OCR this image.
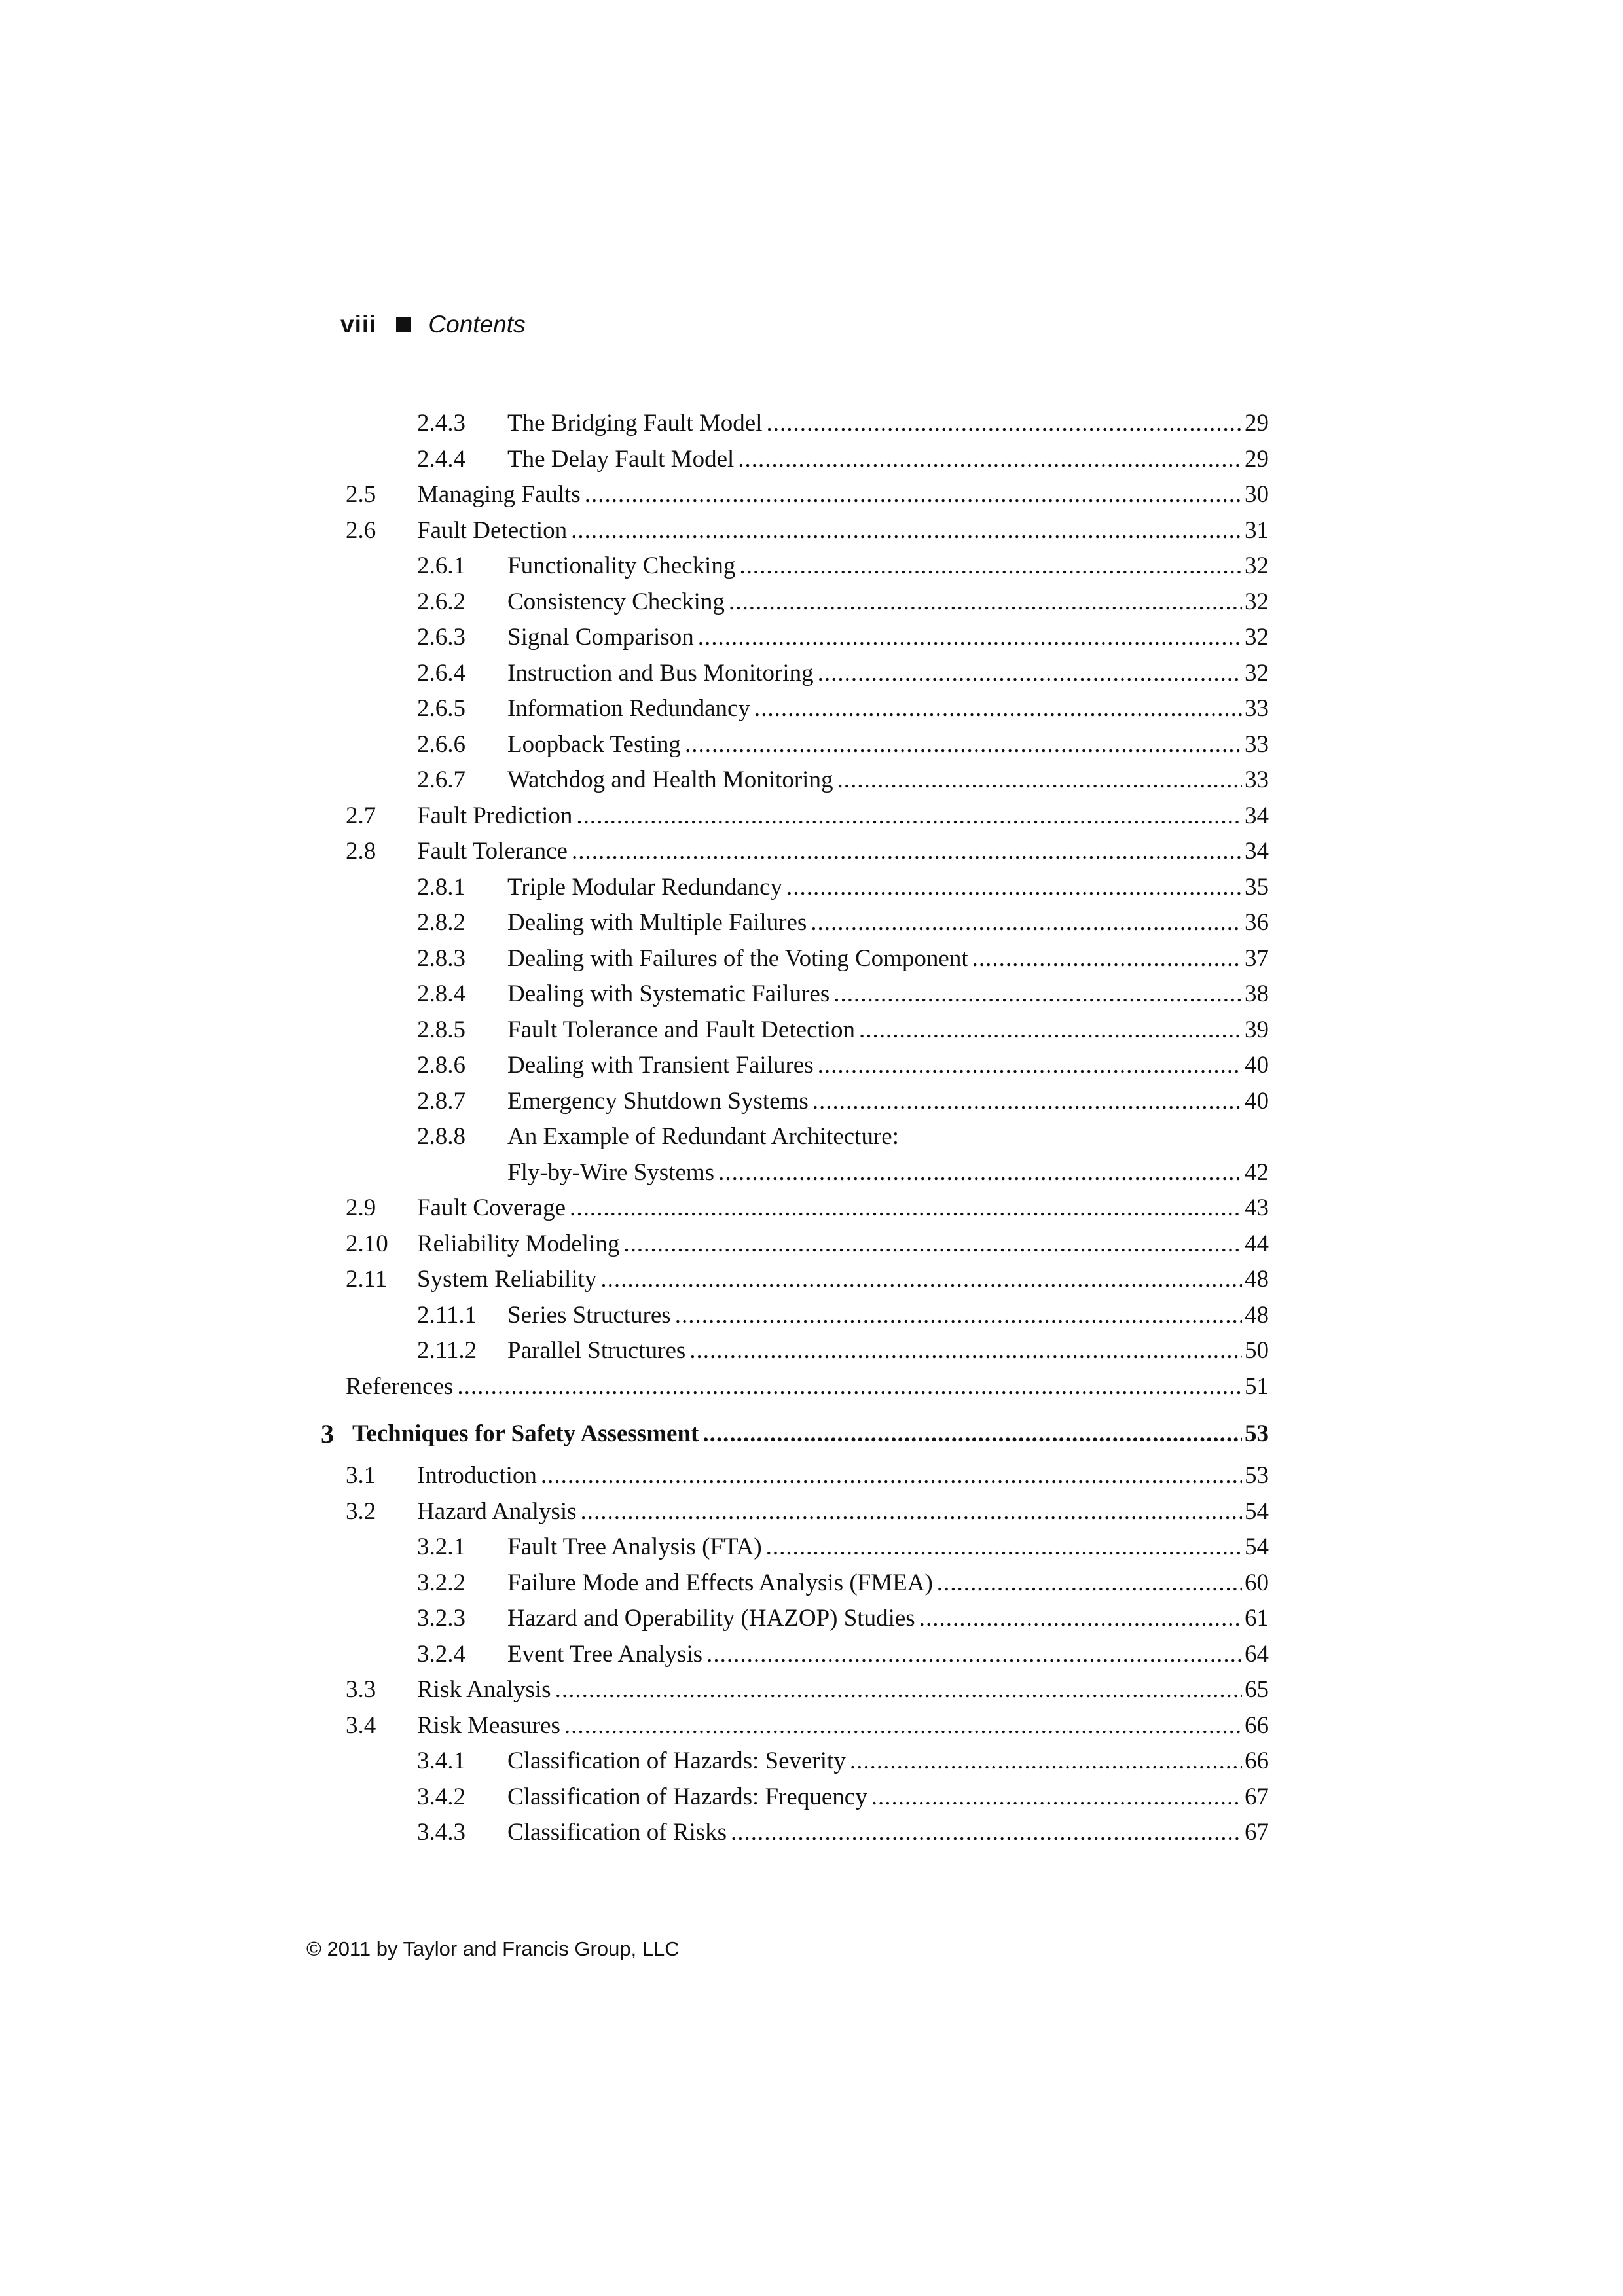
viii Contents
2.4.3 The Bridging Fault Model .....	29
2.4.4 The Delay Fault Model .....	29
2.5 Managing Faults .....	30
2.6 Fault Detection .....	31
2.6.1 Functionality Checking .....	32
2.6.2 Consistency Checking .....	32
2.6.3 Signal Comparison .....	32
2.6.4 Instruction and Bus Monitoring .....	32
2.6.5 Information Redundancy .....	33
2.6.6 Loopback Testing .....	33
2.6.7 Watchdog and Health Monitoring .....	33
2.7 Fault Prediction .....	34
2.8 Fault Tolerance .....	34
2.8.1 Triple Modular Redundancy .....	35
2.8.2 Dealing with Multiple Failures .....	36
2.8.3 Dealing with Failures of the Voting Component .....	37
2.8.4 Dealing with Systematic Failures .....	38
2.8.5 Fault Tolerance and Fault Detection .....	39
2.8.6 Dealing with Transient Failures .....	40
2.8.7 Emergency Shutdown Systems .....	40
2.8.8 An Example of Redundant Architecture:
Fly-by-Wire Systems .....	42
2.9 Fault Coverage .....	43
2.10 Reliability Modeling .....	44
2.11 System Reliability .....	48
2.11.1 Series Structures .....	48
2.11.2 Parallel Structures .....	50
References .....	51
3 Techniques for Safety Assessment .....	53
3.1 Introduction .....	53
3.2 Hazard Analysis .....	54
3.2.1 Fault Tree Analysis (FTA) .....	54
3.2.2 Failure Mode and Effects Analysis (FMEA) .....	60
3.2.3 Hazard and Operability (HAZOP) Studies .....	61
3.2.4 Event Tree Analysis .....	64
3.3 Risk Analysis .....	65
3.4 Risk Measures .....	66
3.4.1 Classification of Hazards: Severity .....	66
3.4.2 Classification of Hazards: Frequency .....	67
3.4.3 Classification of Risks .....	67
© 2011 by Taylor and Francis Group, LLC
